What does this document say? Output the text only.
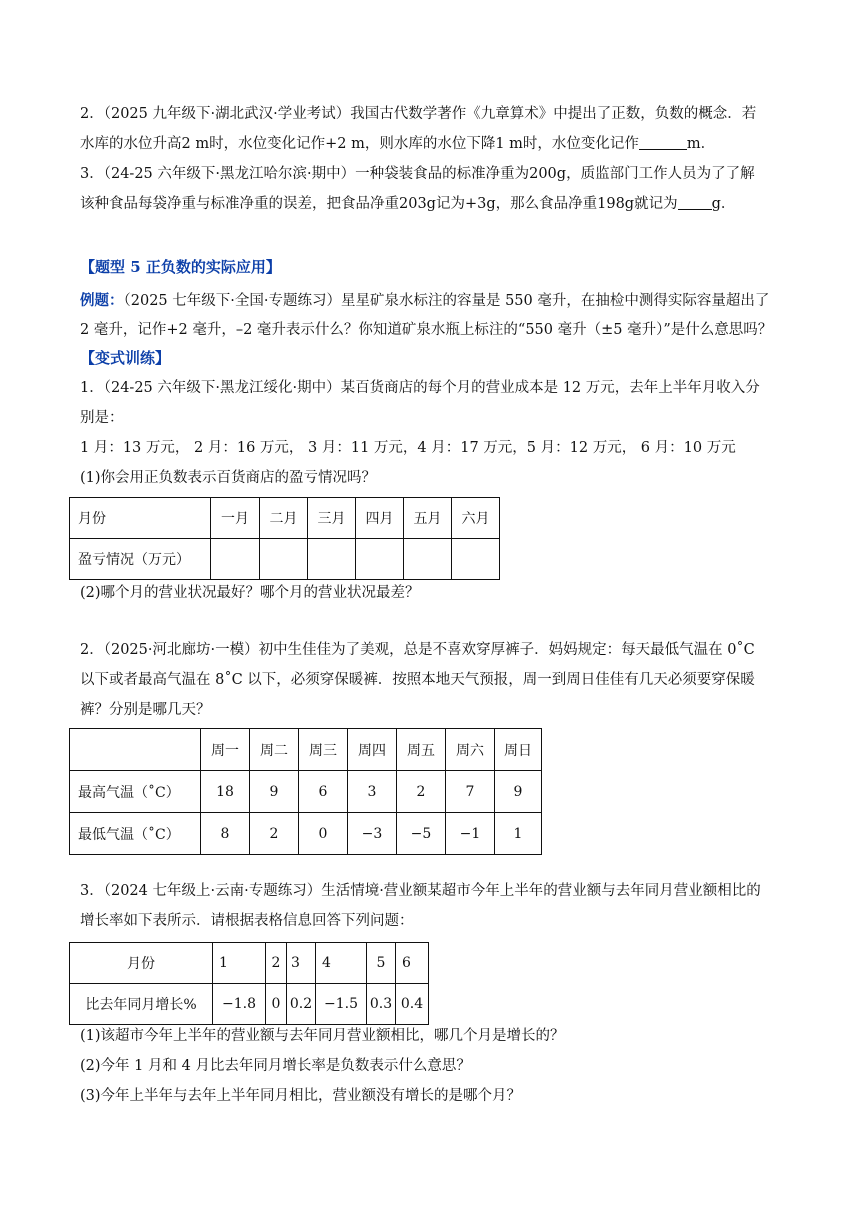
2．（2025 九年级下·湖北武汉·学业考试）我国古代数学著作《九章算术》中提出了正数，负数的概念．若
水库的水位升高2 m时，水位变化记作+2 m，则水库的水位下降1 m时，水位变化记作	m．
3．（24-25 六年级下·黑龙江哈尔滨·期中）一种袋装食品的标准净重为200g，质监部门工作人员为了了解
该种食品每袋净重与标准净重的误差，把食品净重203g记为+3g，那么食品净重198g就记为 g．
【题型 5 正负数的实际应用】
例题：（2025 七年级下·全国·专题练习）星星矿泉水标注的容量是 550 毫升，在抽检中测得实际容量超出了
2 毫升，记作+2 毫升，–2 毫升表示什么？你知道矿泉水瓶上标注的“550 毫升（±5 毫升）”是什么意思吗？
【变式训练】
1．（24-25 六年级下·黑龙江绥化·期中）某百货商店的每个月的营业成本是 12 万元，去年上半年月收入分
别是：
1 月：13 万元， 2 月：16 万元， 3 月：11 万元，4 月：17 万元，5 月：12 万元， 6 月：10 万元
(1)你会用正负数表示百货商店的盈亏情况吗？
月份	一月	二月	三月	四月	五月	六月
盈亏情况（万元）						
(2)哪个月的营业状况最好？哪个月的营业状况最差？
2．（2025·河北廊坊·一模）初中生佳佳为了美观，总是不喜欢穿厚裤子．妈妈规定：每天最低气温在 0˚C
以下或者最高气温在 8˚C 以下，必须穿保暖裤．按照本地天气预报，周一到周日佳佳有几天必须要穿保暖
裤？分别是哪几天？
	周一	周二	周三	周四	周五	周六	周日
最高气温（˚C）	18	9	6	3	2	7	9
最低气温（˚C）	8	2	0	−3	−5	−1	1
3．（2024 七年级上·云南·专题练习）生活情境·营业额某超市今年上半年的营业额与去年同月营业额相比的
增长率如下表所示．请根据表格信息回答下列问题：
月份	1	2	3	4	5	6
比去年同月增长%	−1.8	0	0.2	−1.5	0.3	0.4
(1)该超市今年上半年的营业额与去年同月营业额相比，哪几个月是增长的？
(2)今年 1 月和 4 月比去年同月增长率是负数表示什么意思？
(3)今年上半年与去年上半年同月相比，营业额没有增长的是哪个月？
